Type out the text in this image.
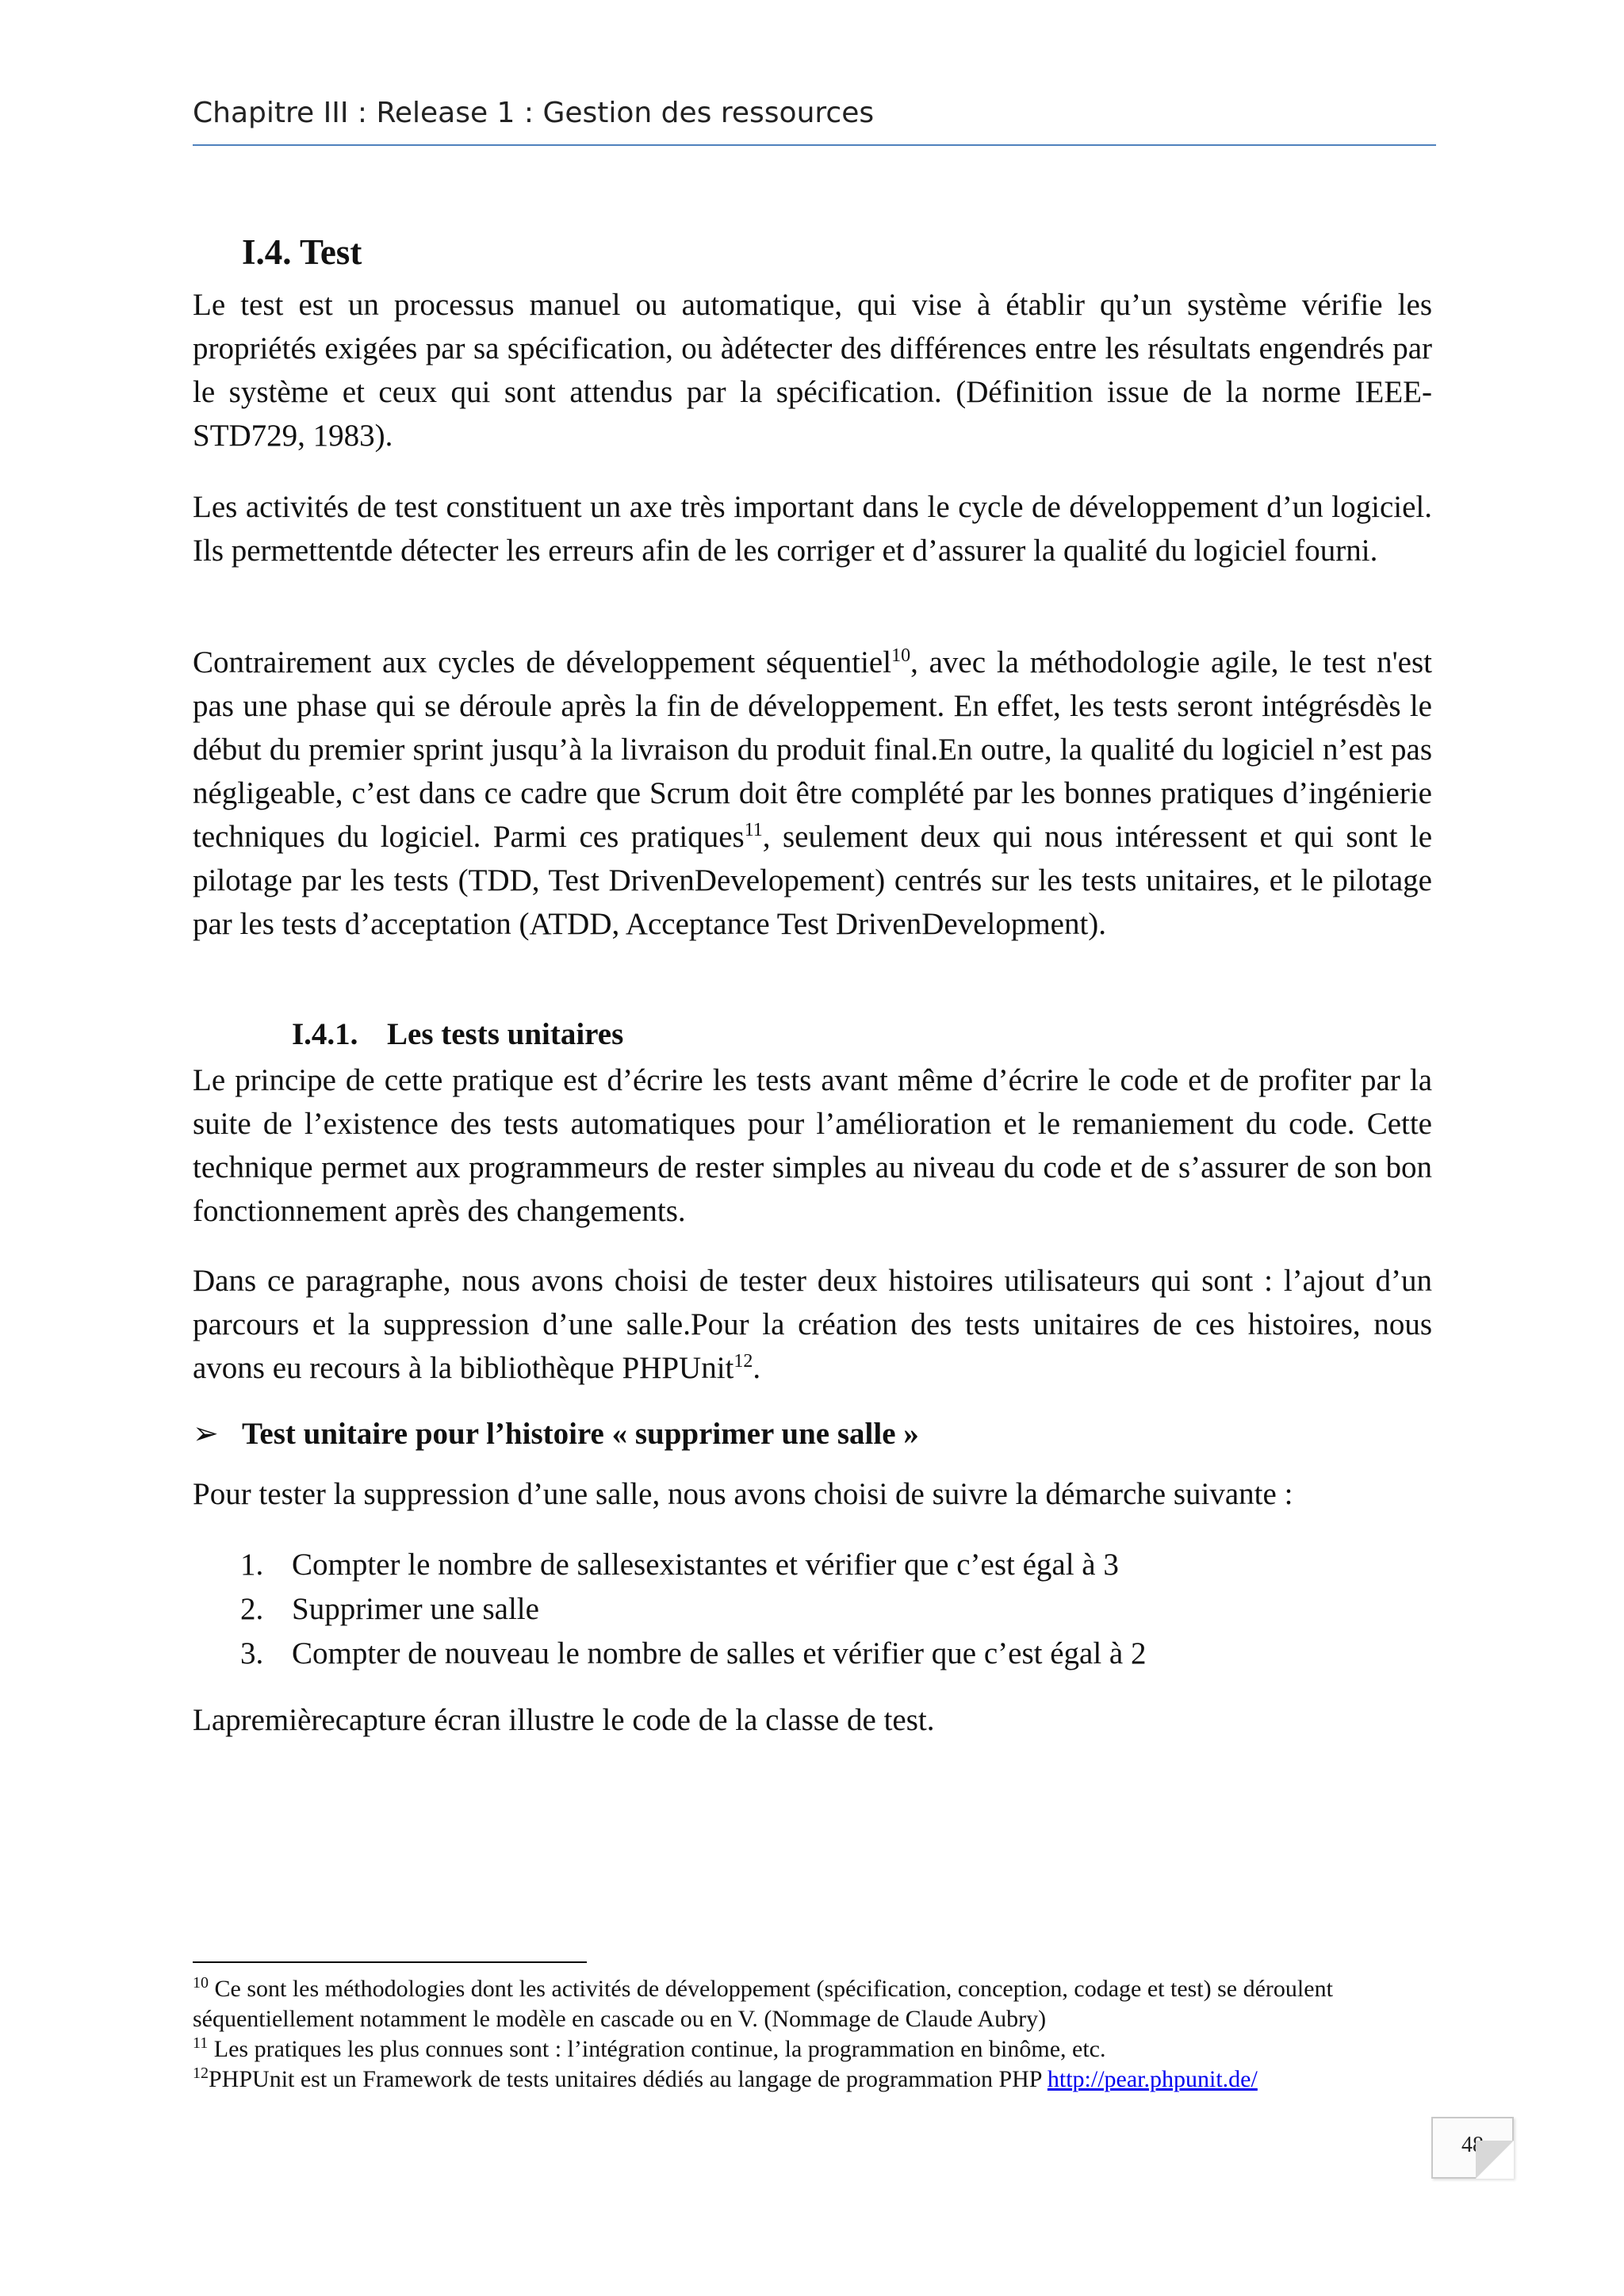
Chapitre III : Release 1 : Gestion des ressources
I.4. Test

Le test est un processus manuel ou automatique, qui vise à établir qu’un système vérifie les propriétés exigées par sa spécification, ou àdétecter des différences entre les résultats engendrés par le système et ceux qui sont attendus par la spécification. (Définition issue de la norme IEEE-STD729, 1983).

Les activités de test constituent un axe très important dans le cycle de développement d’un logiciel. Ils permettentde détecter les erreurs afin de les corriger et d’assurer la qualité du logiciel fourni.

Contrairement aux cycles de développement séquentiel$^{10}$, avec la méthodologie agile, le test n'est pas une phase qui se déroule après la fin de développement. En effet, les tests seront intégrésdès le début du premier sprint jusqu’à la livraison du produit final.En outre, la qualité du logiciel n’est pas négligeable, c’est dans ce cadre que Scrum doit être complété par les bonnes pratiques d’ingénierie techniques du logiciel. Parmi ces pratiques$^{11}$, seulement deux qui nous intéressent et qui sont le pilotage par les tests (TDD, Test DrivenDevelopement) centrés sur les tests unitaires, et le pilotage par les tests d’acceptation (ATDD, Acceptance Test DrivenDevelopment).

I.4.1. Les tests unitaires

Le principe de cette pratique est d’écrire les tests avant même d’écrire le code et de profiter par la suite de l’existence des tests automatiques pour l’amélioration et le remaniement du code. Cette technique permet aux programmeurs de rester simples au niveau du code et de s’assurer de son bon fonctionnement après des changements.

Dans ce paragraphe, nous avons choisi de tester deux histoires utilisateurs qui sont : l’ajout d’un parcours et la suppression d’une salle.Pour la création des tests unitaires de ces histoires, nous avons eu recours à la bibliothèque PHPUnit$^{12}$.

➢ Test unitaire pour l’histoire « supprimer une salle »

Pour tester la suppression d’une salle, nous avons choisi de suivre la démarche suivante :

1. Compter le nombre de sallesexistantes et vérifier que c’est égal à 3
2. Supprimer une salle
3. Compter de nouveau le nombre de salles et vérifier que c’est égal à 2

Lapremièrecapture écran illustre le code de la classe de test.

$^{10}$ Ce sont les méthodologies dont les activités de développement (spécification, conception, codage et test) se déroulent séquentiellement notamment le modèle en cascade ou en V. (Nommage de Claude Aubry)

$^{11}$ Les pratiques les plus connues sont : l’intégration continue, la programmation en binôme, etc.

$^{12}$PHPUnit est un Framework de tests unitaires dédiés au langage de programmation PHP http://pear.phpunit.de/

48
